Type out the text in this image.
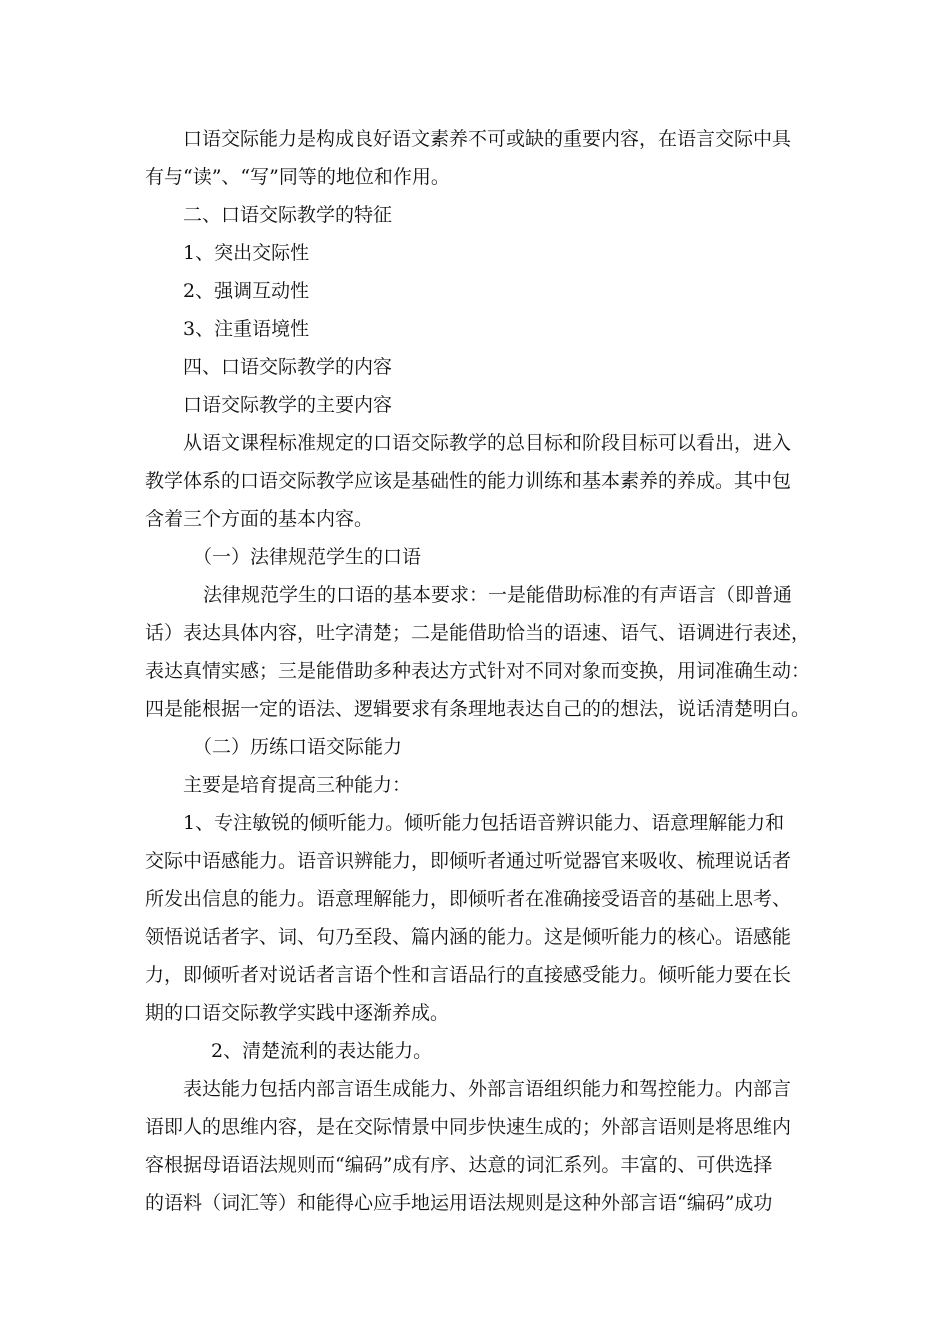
口语交际能力是构成良好语文素养不可或缺的重要内容，在语言交际中具
有与“读”、“写”同等的地位和作用。
二、口语交际教学的特征
1、突出交际性
2、强调互动性
3、注重语境性
四、口语交际教学的内容
口语交际教学的主要内容
从语文课程标准规定的口语交际教学的总目标和阶段目标可以看出，进入
教学体系的口语交际教学应该是基础性的能力训练和基本素养的养成。其中包
含着三个方面的基本内容。
（一）法律规范学生的口语
法律规范学生的口语的基本要求：一是能借助标准的有声语言（即普通
话）表达具体内容，吐字清楚；二是能借助恰当的语速、语气、语调进行表述，
表达真情实感；三是能借助多种表达方式针对不同对象而变换，用词准确生动：
四是能根据一定的语法、逻辑要求有条理地表达自己的的想法，说话清楚明白。
（二）历练口语交际能力
主要是培育提高三种能力：
1、专注敏锐的倾听能力。倾听能力包括语音辨识能力、语意理解能力和
交际中语感能力。语音识辨能力，即倾听者通过听觉器官来吸收、梳理说话者
所发出信息的能力。语意理解能力，即倾听者在准确接受语音的基础上思考、
领悟说话者字、词、句乃至段、篇内涵的能力。这是倾听能力的核心。语感能
力，即倾听者对说话者言语个性和言语品行的直接感受能力。倾听能力要在长
期的口语交际教学实践中逐渐养成。
2、清楚流利的表达能力。
表达能力包括内部言语生成能力、外部言语组织能力和驾控能力。内部言
语即人的思维内容，是在交际情景中同步快速生成的；外部言语则是将思维内
容根据母语语法规则而“编码”成有序、达意的词汇系列。丰富的、可供选择
的语料（词汇等）和能得心应手地运用语法规则是这种外部言语“编码”成功
